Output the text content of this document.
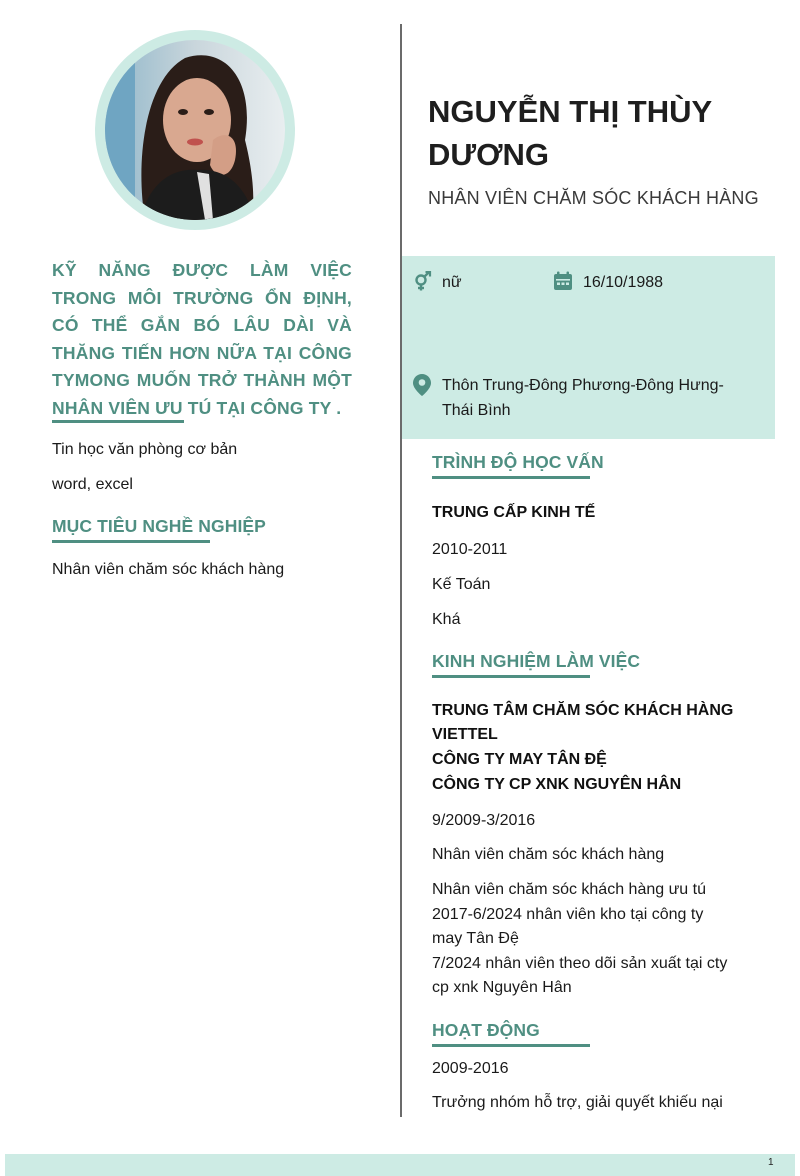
KỸ NĂNG ĐƯỢC LÀM VIỆC TRONG MÔI TRƯỜNG ỔN ĐỊNH, CÓ THỂ GẮN BÓ LÂU DÀI VÀ THĂNG TIẾN HƠN NỮA TẠI CÔNG TYMONG MUỐN TRỞ THÀNH MỘT NHÂN VIÊN ƯU TÚ TẠI CÔNG TY .
Tin học văn phòng cơ bản
word, excel
MỤC TIÊU NGHỀ NGHIỆP
Nhân viên chăm sóc khách hàng
NGUYỄN THỊ THÙY DƯƠNG
NHÂN VIÊN CHĂM SÓC KHÁCH HÀNG
nữ	16/10/1988
Thôn Trung-Đông Phương-Đông Hưng-Thái Bình
TRÌNH ĐỘ HỌC VẤN
TRUNG CẤP KINH TẾ
2010-2011
Kế Toán
Khá
KINH NGHIỆM LÀM VIỆC
TRUNG TÂM CHĂM SÓC KHÁCH HÀNG
VIETTEL
CÔNG TY MAY TÂN ĐỆ
CÔNG TY CP XNK NGUYÊN HÂN
9/2009-3/2016
Nhân viên chăm sóc khách hàng
Nhân viên chăm sóc khách hàng ưu tú
2017-6/2024 nhân viên kho tại công ty
may Tân Đệ
7/2024 nhân viên theo dõi sản xuất tại cty
cp xnk Nguyên Hân
HOẠT ĐỘNG
2009-2016
Trưởng nhóm hỗ trợ, giải quyết khiếu nại
1
